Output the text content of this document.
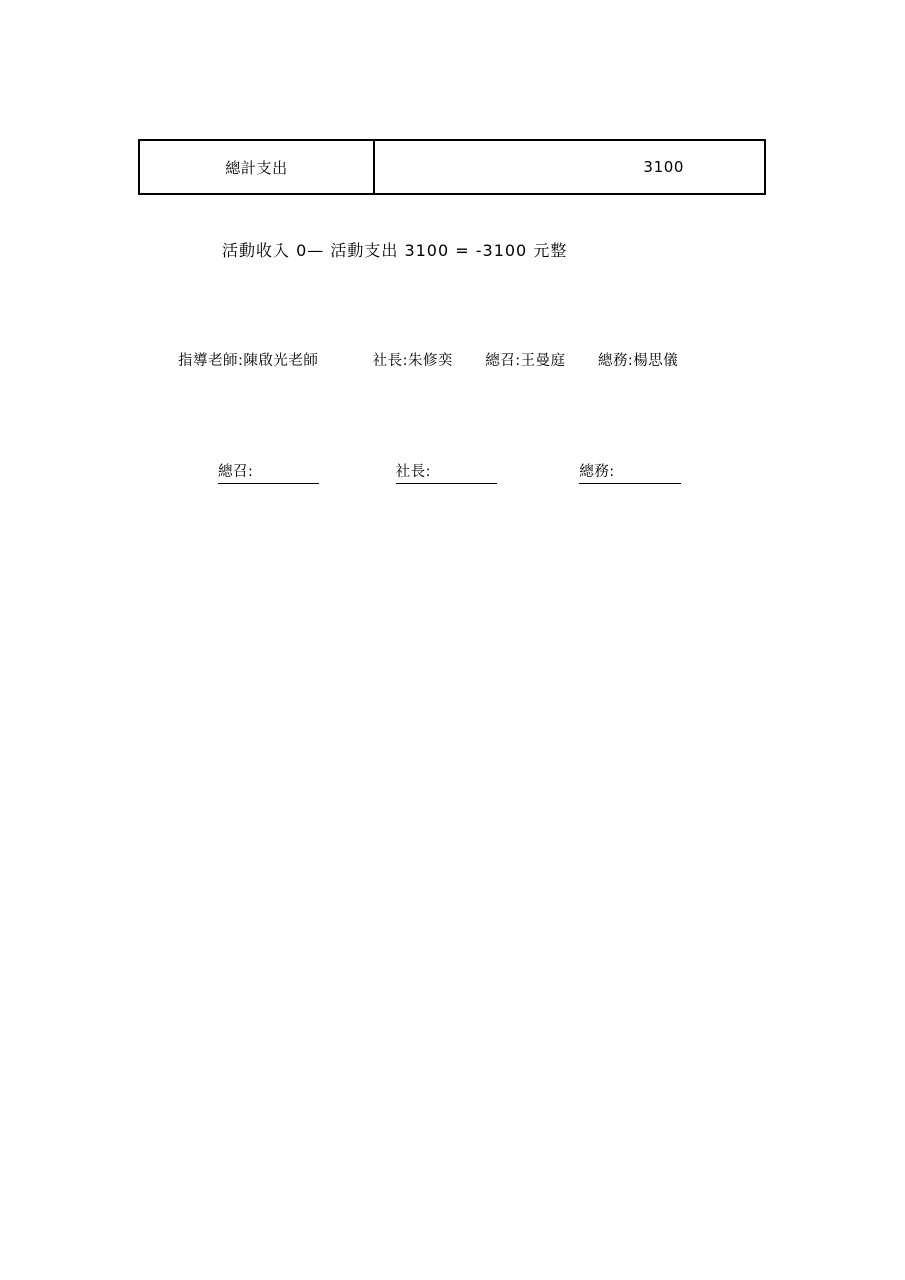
總計支出	3100
活動收入 0— 活動支出 3100 = -3100 元整
指導老師:陳啟光老師	社長:朱修奕 總召:王曼庭 總務:楊思儀
總召:	社長:	總務:
